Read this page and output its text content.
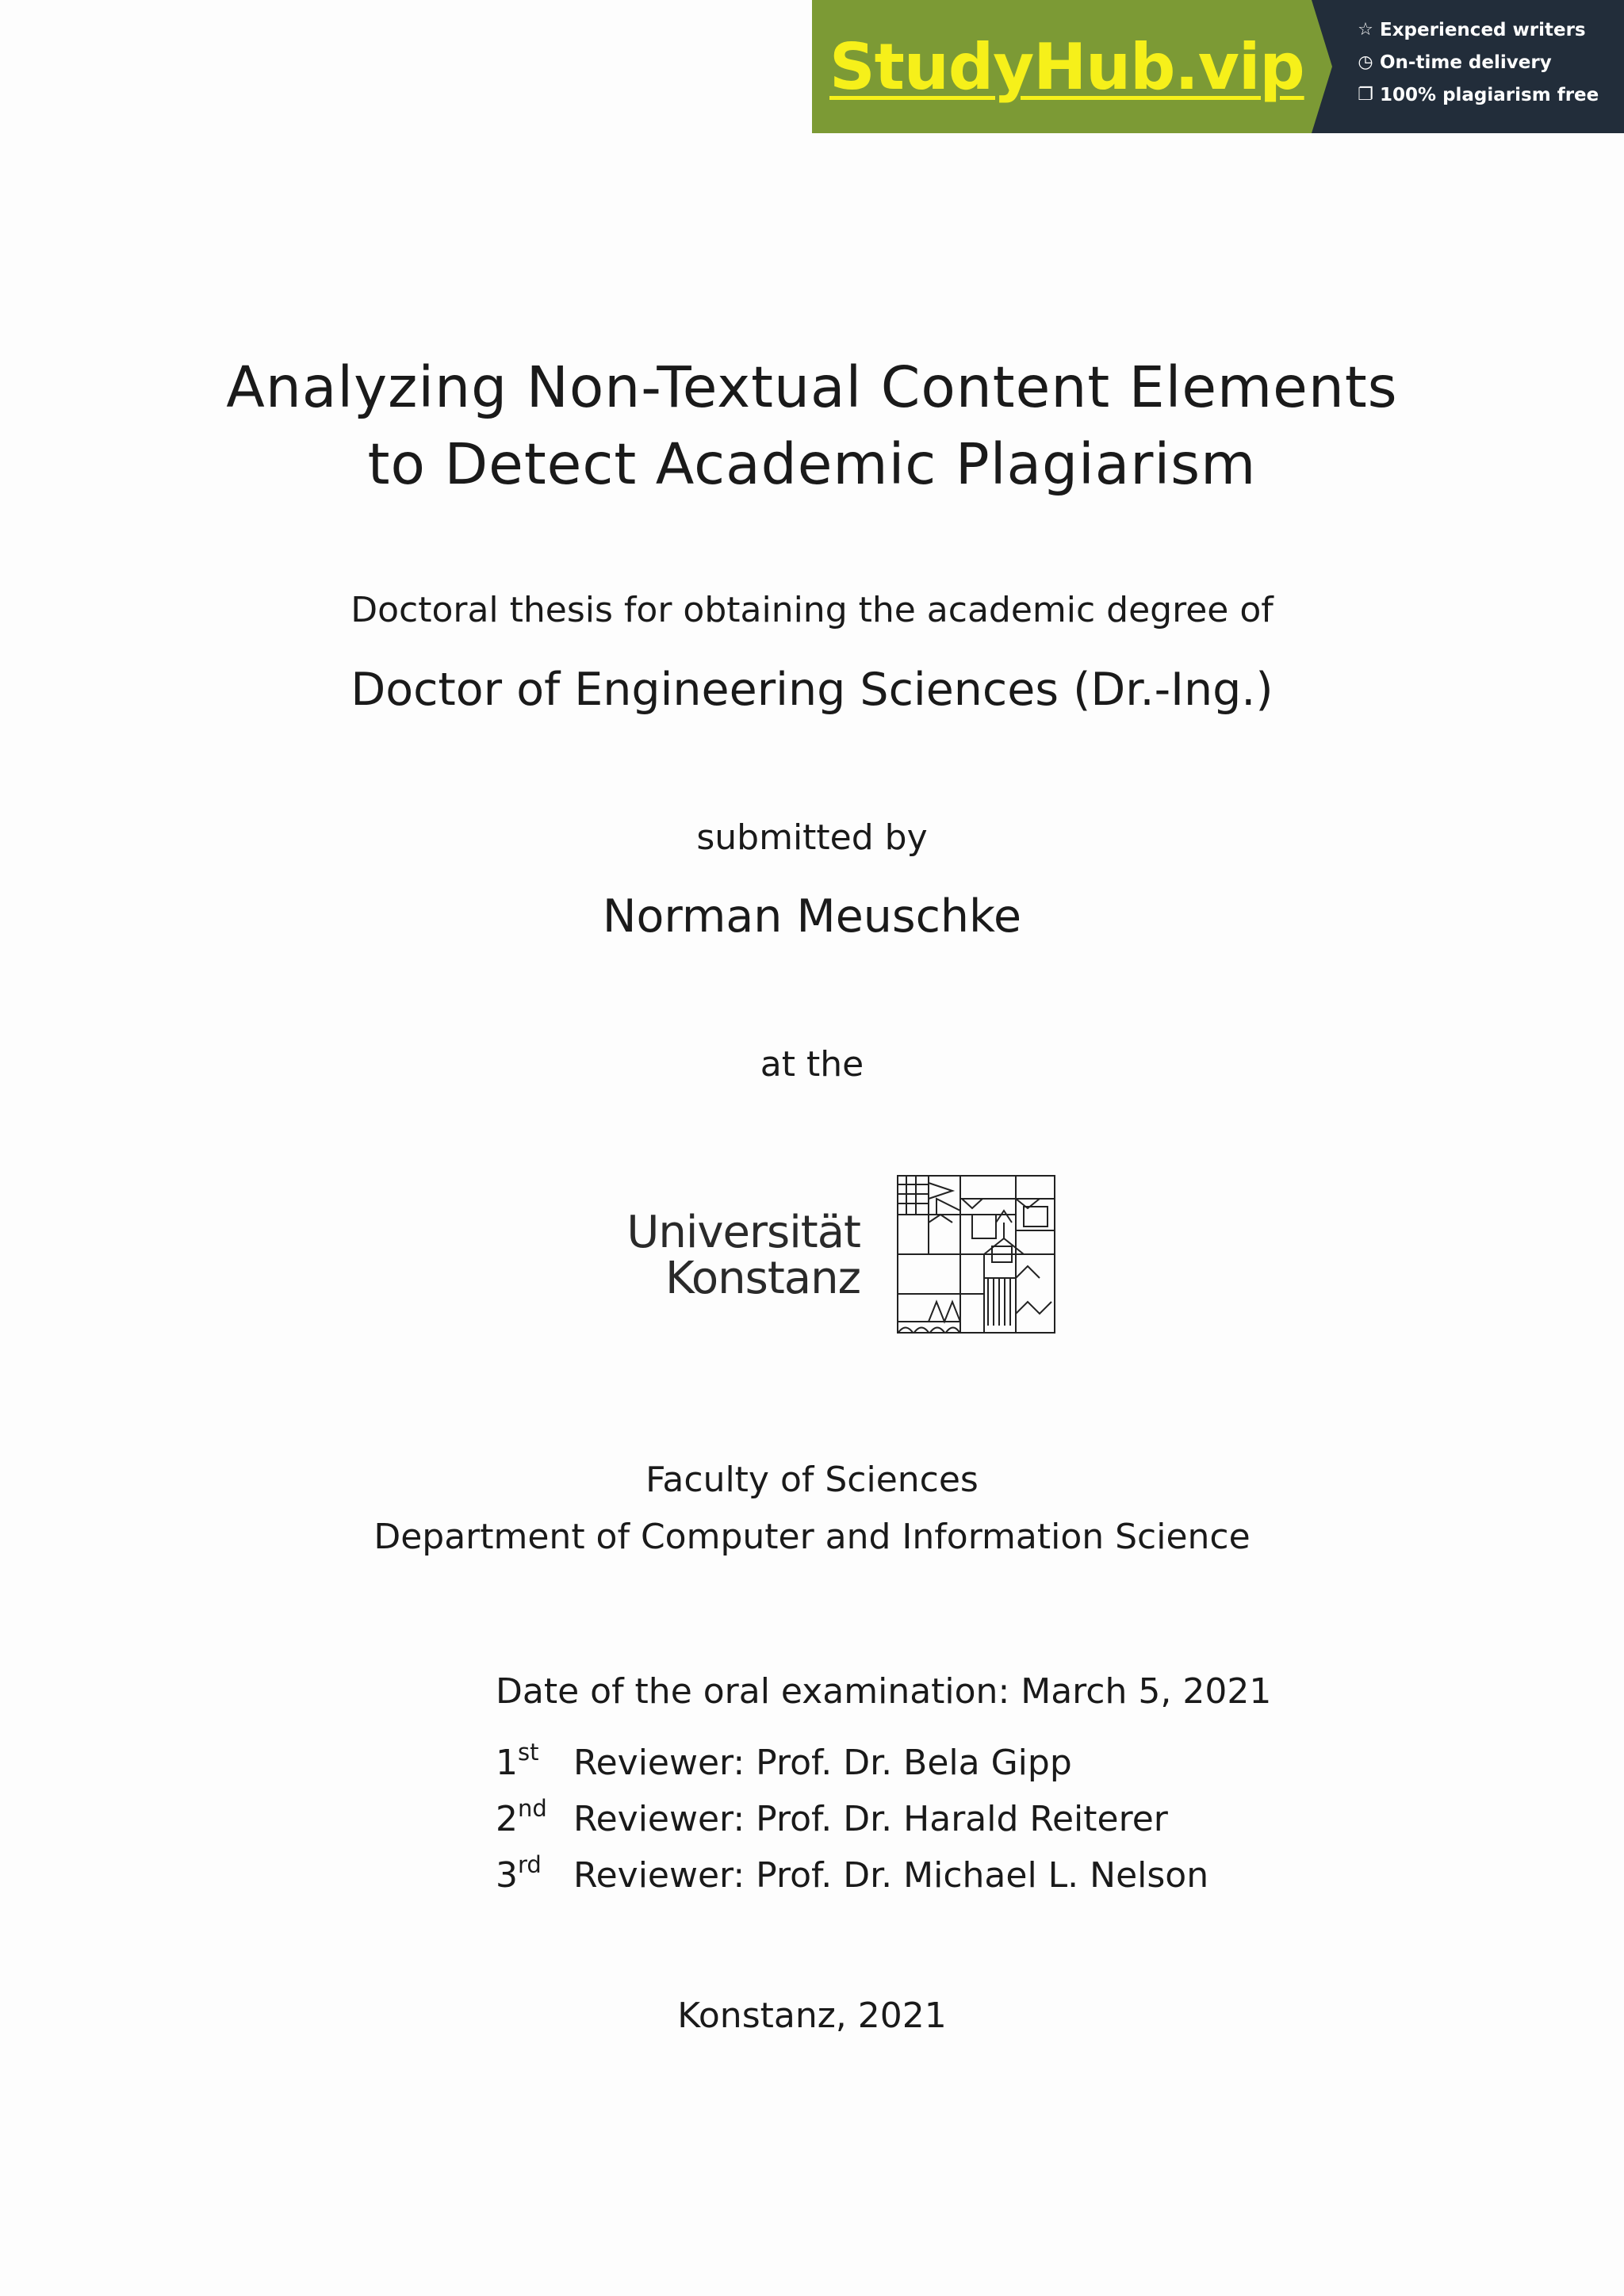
StudyHub.vip	☆ Experienced writers
◷ On-time delivery
❐ 100% plagiarism free
Analyzing Non-Textual Content Elements
to Detect Academic Plagiarism
Doctoral thesis for obtaining the academic degree of
Doctor of Engineering Sciences (Dr.-Ing.)
submitted by
Norman Meuschke
at the
Universität
Konstanz
Faculty of Sciences
Department of Computer and Information Science
Date of the oral examination: March 5, 2021
1st Reviewer: Prof. Dr. Bela Gipp
2nd Reviewer: Prof. Dr. Harald Reiterer
3rd Reviewer: Prof. Dr. Michael L. Nelson
Konstanz, 2021
